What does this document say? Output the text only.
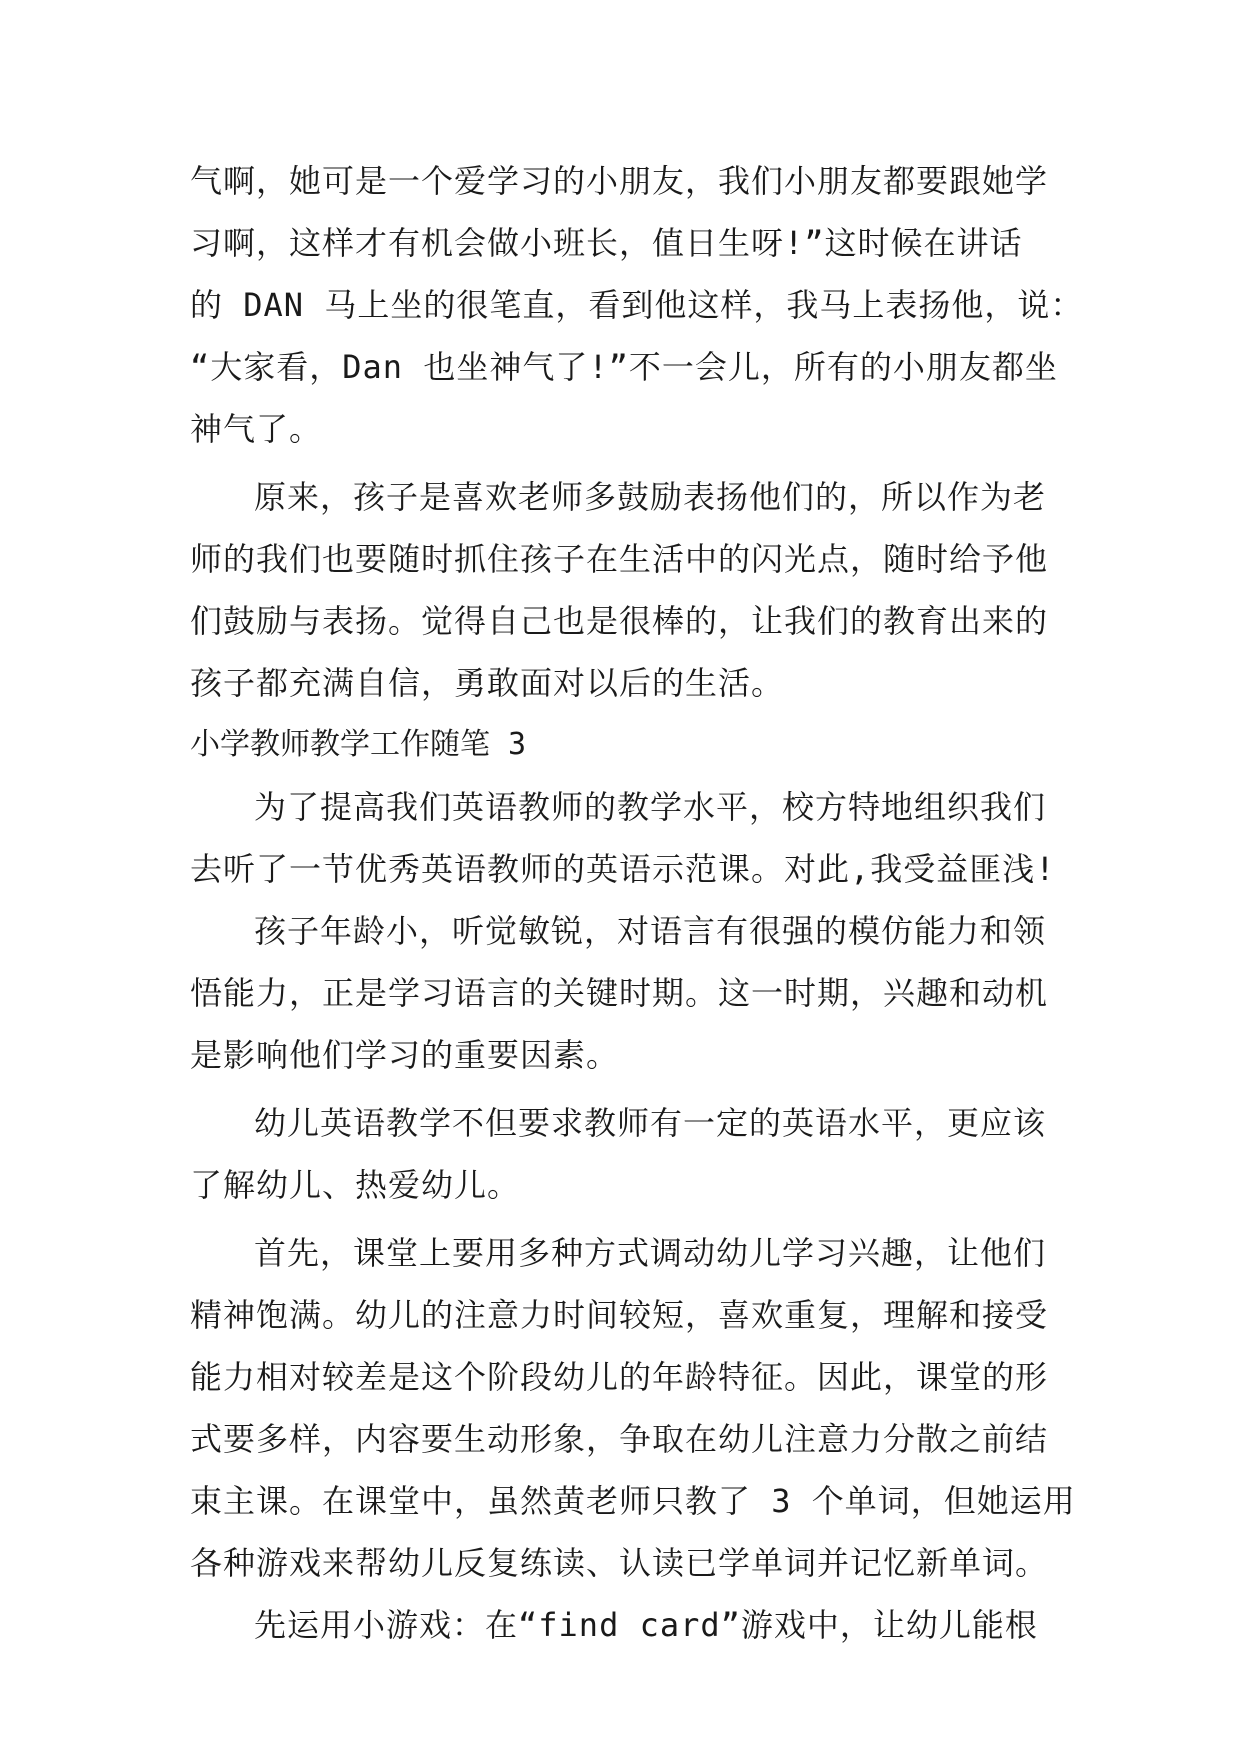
气啊，她可是一个爱学习的小朋友，我们小朋友都要跟她学
习啊，这样才有机会做小班长，值日生呀!”这时候在讲话
的 DAN 马上坐的很笔直，看到他这样，我马上表扬他，说：
“大家看，Dan 也坐神气了!”不一会儿，所有的小朋友都坐
神气了。
原来，孩子是喜欢老师多鼓励表扬他们的，所以作为老
师的我们也要随时抓住孩子在生活中的闪光点，随时给予他
们鼓励与表扬。觉得自己也是很棒的，让我们的教育出来的
孩子都充满自信，勇敢面对以后的生活。
小学教师教学工作随笔 3
为了提高我们英语教师的教学水平，校方特地组织我们
去听了一节优秀英语教师的英语示范课。对此,我受益匪浅!
孩子年龄小，听觉敏锐，对语言有很强的模仿能力和领
悟能力，正是学习语言的关键时期。这一时期，兴趣和动机
是影响他们学习的重要因素。
幼儿英语教学不但要求教师有一定的英语水平，更应该
了解幼儿、热爱幼儿。
首先，课堂上要用多种方式调动幼儿学习兴趣，让他们
精神饱满。幼儿的注意力时间较短，喜欢重复，理解和接受
能力相对较差是这个阶段幼儿的年龄特征。因此，课堂的形
式要多样，内容要生动形象，争取在幼儿注意力分散之前结
束主课。在课堂中，虽然黄老师只教了 3 个单词，但她运用
各种游戏来帮幼儿反复练读、认读已学单词并记忆新单词。
先运用小游戏：在“find card”游戏中，让幼儿能根
